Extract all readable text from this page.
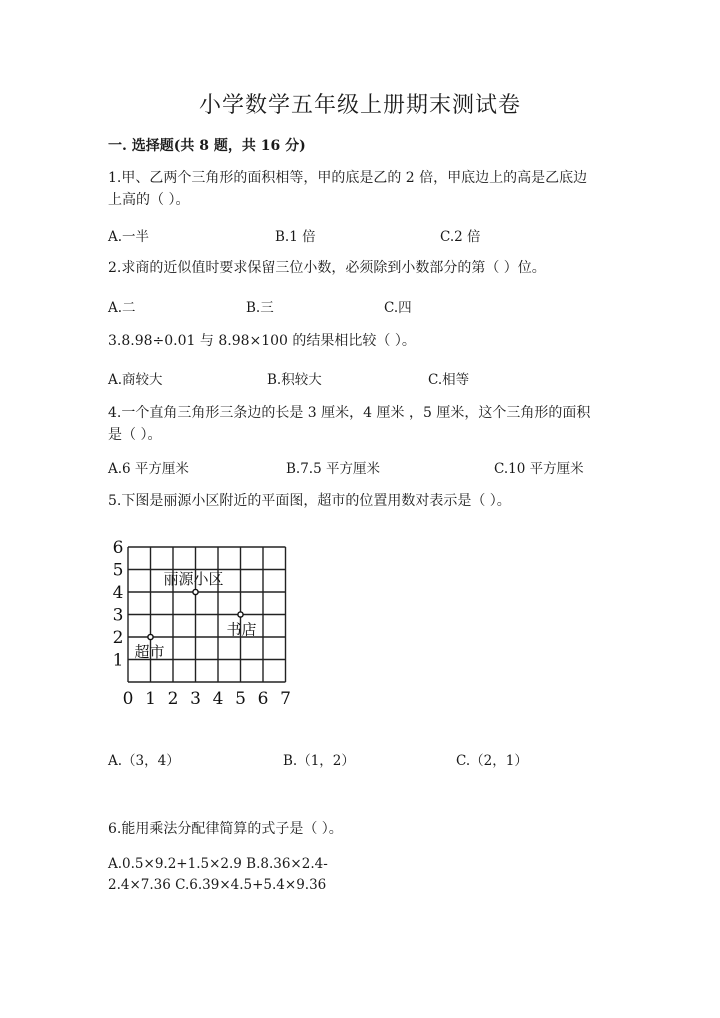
小学数学五年级上册期末测试卷
一. 选择题(共 8 题，共 16 分)
1.甲、乙两个三角形的面积相等，甲的底是乙的 2 倍，甲底边上的高是乙底边
上高的（ ）。
A.一半	B.1 倍	C.2 倍
2.求商的近似值时要求保留三位小数，必须除到小数部分的第（ ）位。
A.二	B.三	C.四
3.8.98÷0.01 与 8.98×100 的结果相比较（ ）。
A.商较大	B.积较大	C.相等
4.一个直角三角形三条边的长是 3 厘米，4 厘米 ，5 厘米，这个三角形的面积
是（ ）。
A.6 平方厘米	B.7.5 平方厘米	C.10 平方厘米
5.下图是丽源小区附近的平面图，超市的位置用数对表示是（ ）。
0 1 2 3 4 5 6 7
1
2
3
4
5
6
丽源小区
书店
超市
A.（3，4）	B.（1，2）	C.（2，1）
6.能用乘法分配律简算的式子是（ ）。
A.0.5×9.2+1.5×2.9 B.8.36×2.4-
2.4×7.36 C.6.39×4.5+5.4×9.36
